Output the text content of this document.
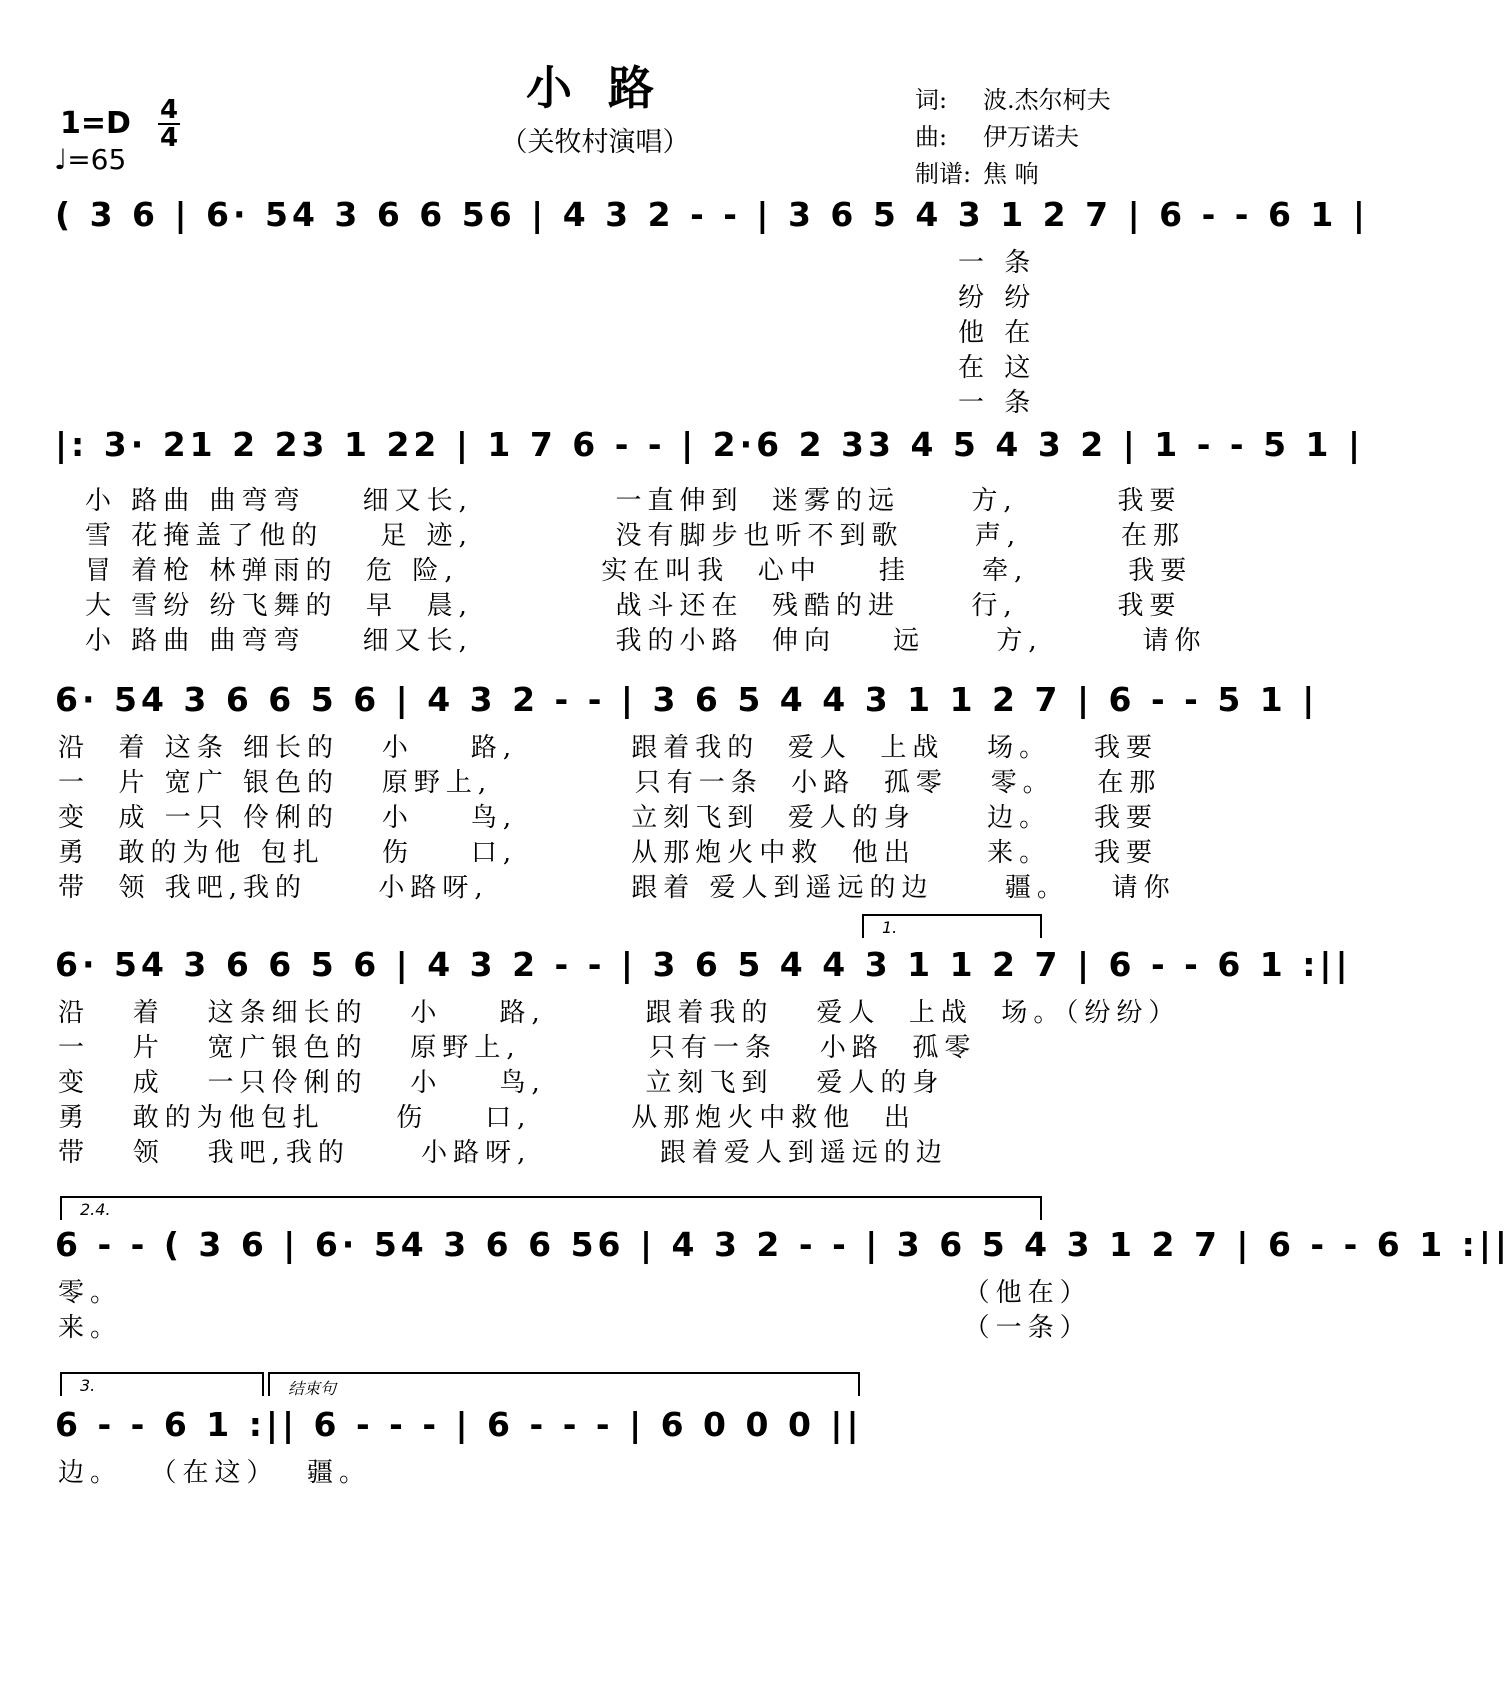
小 路
（关牧村演唱）
1=D 4
4
♩=65
词: 波.杰尔柯夫
曲: 伊万诺夫
制谱: 焦 响
( 3 6 | 6· 54 3 6 6 56 | 4 3 2 - - | 3 6 5 4 3 1 2 7 | 6 - - 6 1 |
一 条
纷 纷
他 在
在 这
一 条
|: 3· 21 2 23 1 22 | 1 7 6 - - | 2·6 2 33 4 5 4 3 2 | 1 - - 5 1 |
小 路曲 曲弯弯    细又长,          一直伸到  迷雾的远     方,       我要
雪 花掩盖了他的    足 迹,          没有脚步也听不到歌     声,       在那
冒 着枪 林弹雨的  危 险,          实在叫我  心中    挂     牵,       我要
大 雪纷 纷飞舞的  早  晨,          战斗还在  残酷的进     行,       我要
小 路曲 曲弯弯    细又长,          我的小路  伸向    远     方,       请你
6· 54 3 6 6 5 6 | 4 3 2 - - | 3 6 5 4 4 3 1 1 2 7 | 6 - - 5 1 |
沿  着 这条 细长的   小    路,        跟着我的  爱人  上战   场。   我要
一  片 宽广 银色的   原野上,          只有一条  小路  孤零   零。   在那
变  成 一只 伶俐的   小    鸟,        立刻飞到  爱人的身     边。   我要
勇  敢的为他 包扎    伤    口,        从那炮火中救  他出     来。   我要
带  领 我吧,我的     小路呀,          跟着 爱人到遥远的边     疆。   请你
1.
6· 54 3 6 6 5 6 | 4 3 2 - - | 3 6 5 4 4 3 1 1 2 7 | 6 - - 6 1 :||
沿   着   这条细长的   小    路,       跟着我的   爱人  上战  场。（纷纷）
一   片   宽广银色的   原野上,         只有一条   小路  孤零
变   成   一只伶俐的   小    鸟,       立刻飞到   爱人的身
勇   敢的为他包扎     伤    口,       从那炮火中救他  出
带   领   我吧,我的     小路呀,         跟着爱人到遥远的边
2.4.
6 - - ( 3 6 | 6· 54 3 6 6 56 | 4 3 2 - - | 3 6 5 4 3 1 2 7 | 6 - - 6 1 :||
零。                                                           （他在）
来。                                                           （一条）
3.	结束句
6 - - 6 1 :|| 6 - - - | 6 - - - | 6 0 0 0 ||
边。  （在这）  疆。
